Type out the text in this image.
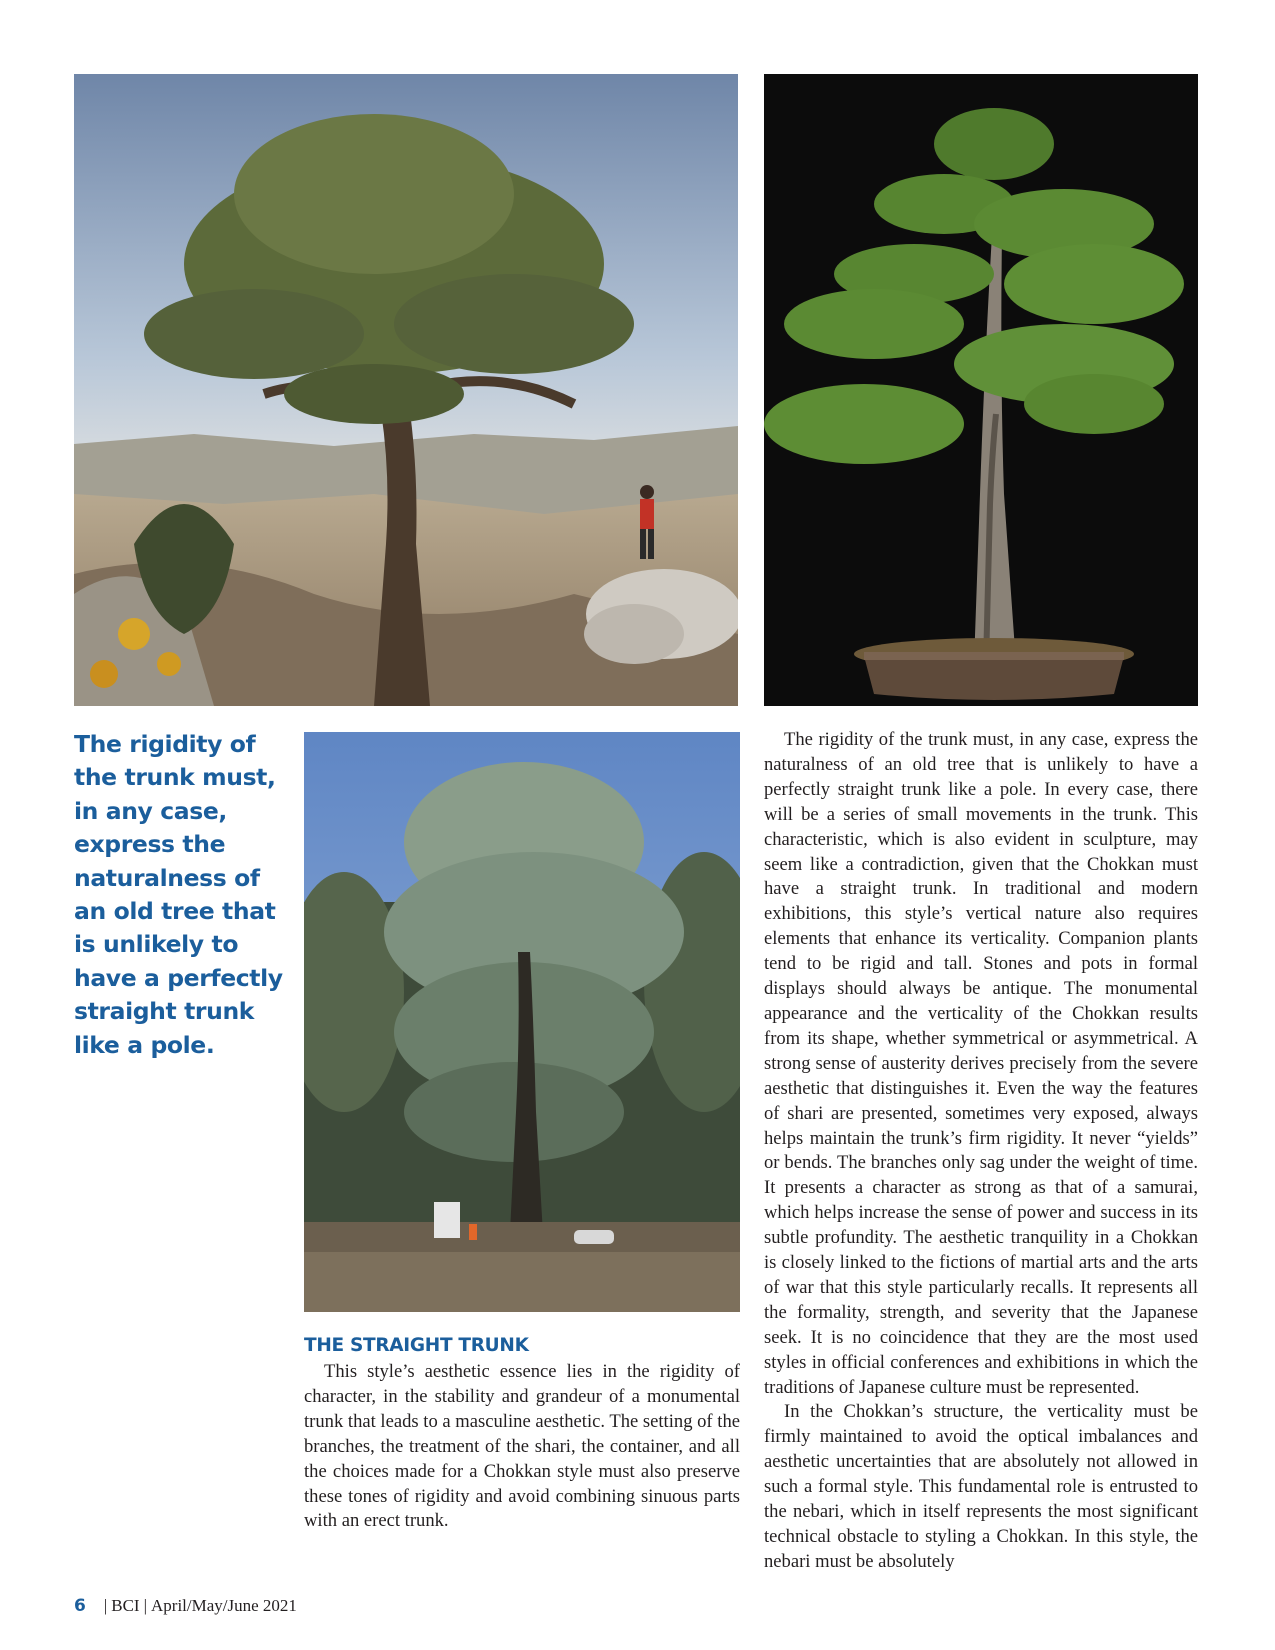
The rigidity of the trunk must, in any case, express the naturalness of an old tree that is unlikely to have a perfectly straight trunk like a pole.

THE STRAIGHT TRUNK

This style’s aesthetic essence lies in the rigidity of character, in the stability and grandeur of a monumental trunk that leads to a masculine aesthetic. The setting of the branches, the treatment of the shari, the container, and all the choices made for a Chokkan style must also preserve these tones of rigidity and avoid combining sinuous parts with an erect trunk.

The rigidity of the trunk must, in any case, express the naturalness of an old tree that is unlikely to have a perfectly straight trunk like a pole. In every case, there will be a series of small movements in the trunk. This characteristic, which is also evident in sculpture, may seem like a contradiction, given that the Chokkan must have a straight trunk. In traditional and modern exhibitions, this style’s vertical nature also requires elements that enhance its verticality. Companion plants tend to be rigid and tall. Stones and pots in formal displays should always be antique. The monumental appearance and the verticality of the Chokkan results from its shape, whether symmetrical or asymmetrical. A strong sense of austerity derives precisely from the severe aesthetic that distinguishes it. Even the way the features of shari are presented, sometimes very exposed, always helps maintain the trunk’s firm rigidity. It never “yields” or bends. The branches only sag under the weight of time. It presents a character as strong as that of a samurai, which helps increase the sense of power and success in its subtle profundity. The aesthetic tranquility in a Chokkan is closely linked to the fictions of martial arts and the arts of war that this style particularly recalls. It represents all the formality, strength, and severity that the Japanese seek. It is no coincidence that they are the most used styles in official conferences and exhibitions in which the traditions of Japanese culture must be represented.

In the Chokkan’s structure, the verticality must be firmly maintained to avoid the optical imbalances and aesthetic uncertainties that are absolutely not allowed in such a formal style. This fundamental role is entrusted to the nebari, which in itself represents the most significant technical obstacle to styling a Chokkan. In this style, the nebari must be absolutely

6 | BCI | April/May/June 2021
